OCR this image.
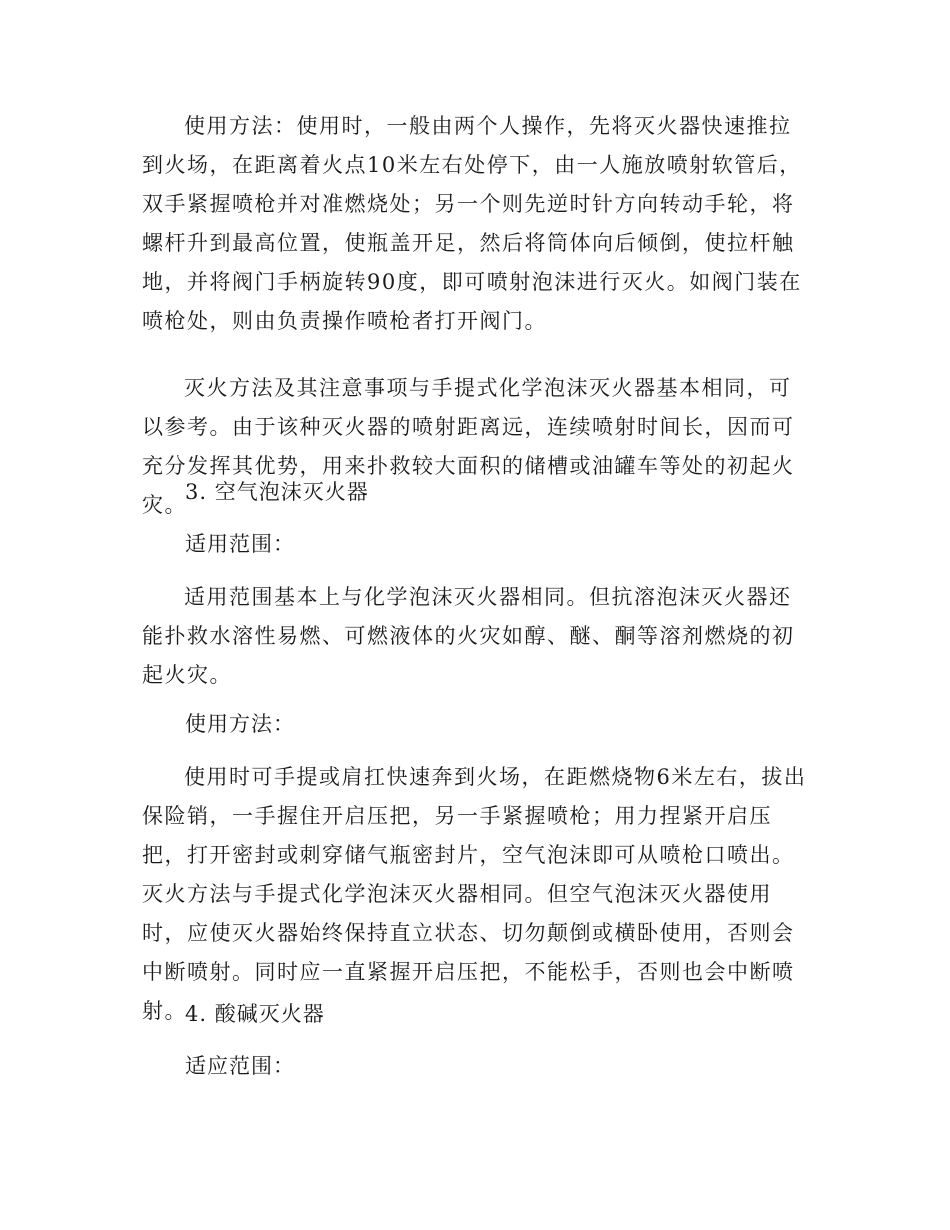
使用方法：使用时，一般由两个人操作，先将灭火器快速推拉到火场，在距离着火点10米左右处停下，由一人施放喷射软管后，双手紧握喷枪并对准燃烧处；另一个则先逆时针方向转动手轮，将螺杆升到最高位置，使瓶盖开足，然后将筒体向后倾倒，使拉杆触地，并将阀门手柄旋转90度，即可喷射泡沫进行灭火。如阀门装在喷枪处，则由负责操作喷枪者打开阀门。

灭火方法及其注意事项与手提式化学泡沫灭火器基本相同，可以参考。由于该种灭火器的喷射距离远，连续喷射时间长，因而可充分发挥其优势，用来扑救较大面积的储槽或油罐车等处的初起火灾。

3. 空气泡沫灭火器

适用范围：

适用范围基本上与化学泡沫灭火器相同。但抗溶泡沫灭火器还能扑救水溶性易燃、可燃液体的火灾如醇、醚、酮等溶剂燃烧的初起火灾。

使用方法：

使用时可手提或肩扛快速奔到火场，在距燃烧物6米左右，拔出保险销，一手握住开启压把，另一手紧握喷枪；用力捏紧开启压把，打开密封或刺穿储气瓶密封片，空气泡沫即可从喷枪口喷出。灭火方法与手提式化学泡沫灭火器相同。但空气泡沫灭火器使用时，应使灭火器始终保持直立状态、切勿颠倒或横卧使用，否则会中断喷射。同时应一直紧握开启压把，不能松手，否则也会中断喷射。

4. 酸碱灭火器

适应范围：
